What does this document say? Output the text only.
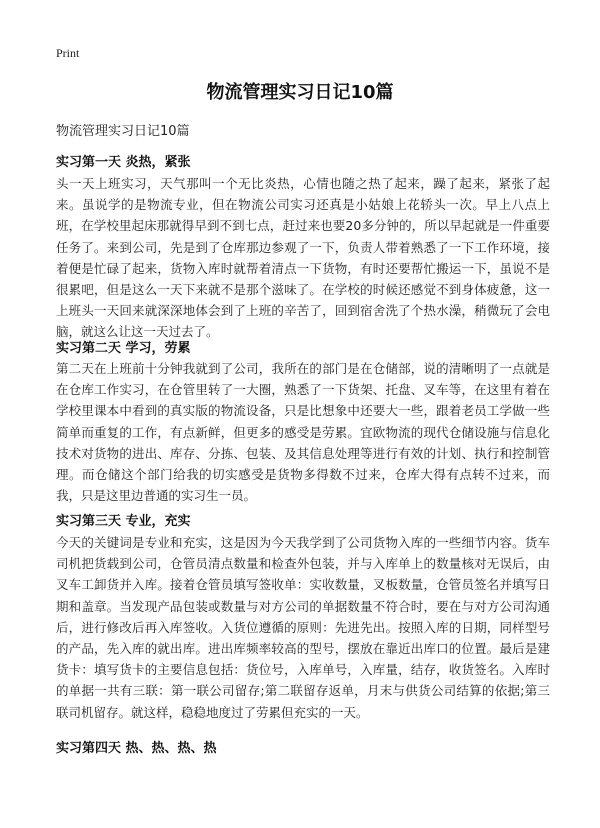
Print
物流管理实习日记10篇
物流管理实习日记10篇
实习第一天 炎热，紧张

头一天上班实习，天气那叫一个无比炎热，心情也随之热了起来，躁了起来，紧张了起来。虽说学的是物流专业，但在物流公司实习还真是小姑娘上花轿头一次。早上八点上班，在学校里起床那就得早到不到七点，赶过来也要20多分钟的，所以早起就是一件重要任务了。来到公司，先是到了仓库那边参观了一下，负责人带着熟悉了一下工作环境，接着便是忙碌了起来，货物入库时就帮着清点一下货物，有时还要帮忙搬运一下，虽说不是很累吧，但是这么一天下来就不是那个滋味了。在学校的时候还感觉不到身体疲惫，这一上班头一天回来就深深地体会到了上班的辛苦了，回到宿舍洗了个热水澡，稍微玩了会电脑，就这么让这一天过去了。

实习第二天 学习，劳累

第二天在上班前十分钟我就到了公司，我所在的部门是在仓储部，说的清晰明了一点就是在仓库工作实习，在仓管里转了一大圈，熟悉了一下货架、托盘、叉车等，在这里有着在学校里课本中看到的真实版的物流设备，只是比想象中还要大一些，跟着老员工学做一些简单而重复的工作，有点新鲜，但更多的感受是劳累。宜欧物流的现代仓储设施与信息化技术对货物的进出、库存、分拣、包装、及其信息处理等进行有效的计划、执行和控制管理。而仓储这个部门给我的切实感受是货物多得数不过来，仓库大得有点转不过来，而我，只是这里边普通的实习生一员。

实习第三天 专业，充实

今天的关键词是专业和充实，这是因为今天我学到了公司货物入库的一些细节内容。货车司机把货载到公司，仓管员清点数量和检查外包装，并与入库单上的数量核对无误后，由叉车工卸货并入库。接着仓管员填写签收单：实收数量，叉板数量，仓管员签名并填写日期和盖章。当发现产品包装或数量与对方公司的单据数量不符合时，要在与对方公司沟通后，进行修改后再入库签收。入货位遵循的原则：先进先出。按照入库的日期，同样型号的产品，先入库的就出库。进出库频率较高的型号，摆放在靠近出库口的位置。最后是建货卡：填写货卡的主要信息包括：货位号，入库单号，入库量，结存，收货签名。入库时的单据一共有三联：第一联公司留存;第二联留存返单，月末与供货公司结算的依据;第三联司机留存。就这样，稳稳地度过了劳累但充实的一天。

实习第四天 热、热、热、热
